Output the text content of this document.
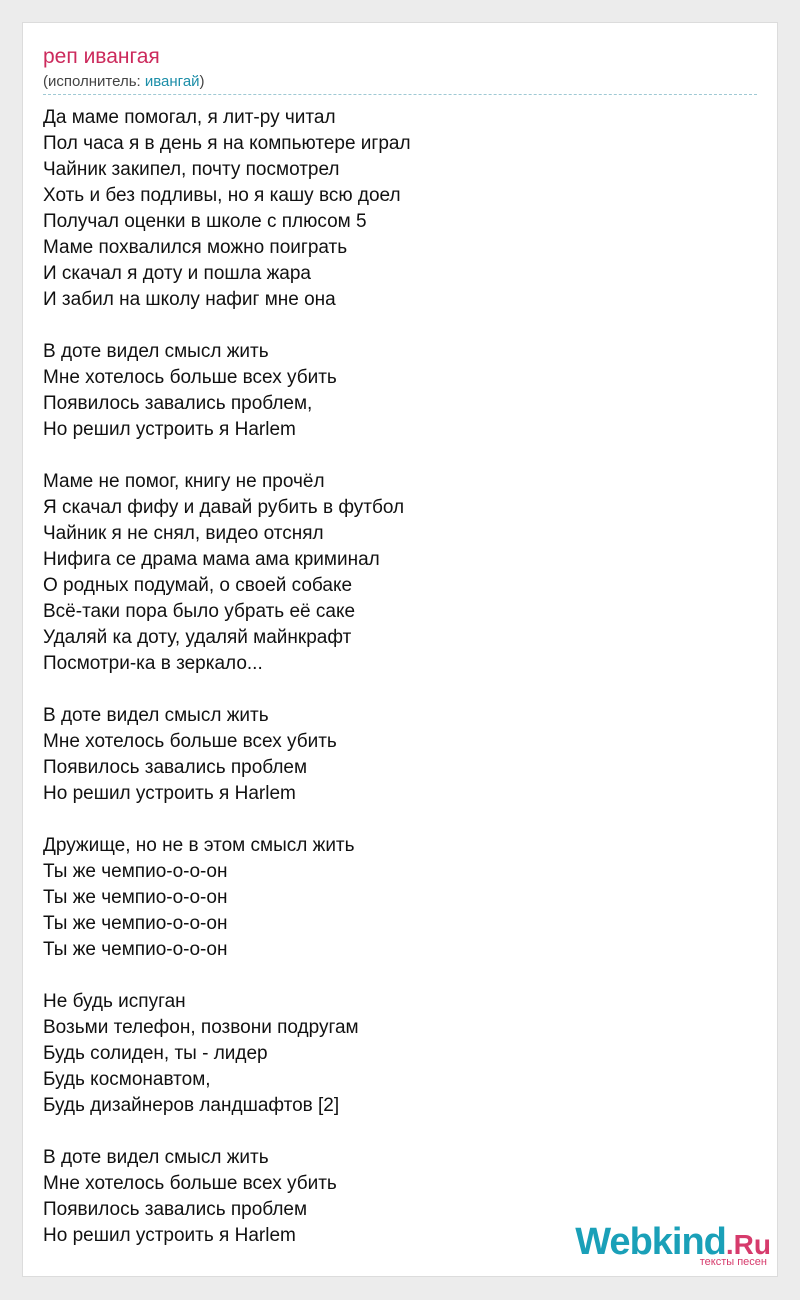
реп ивангая
(исполнитель: ивангай)
Да маме помогал, я лит-ру читал
Пол часа я в день я на компьютере играл
Чайник закипел, почту посмотрел
Хоть и без подливы, но я кашу всю доел
Получал оценки в школе с плюсом 5
Маме похвалился можно поиграть
И скачал я доту и пошла жара
И забил на школу нафиг мне она
В доте видел смысл жить
Мне хотелось больше всех убить
Появилось завались проблем,
Но решил устроить я Harlem
Маме не помог, книгу не прочёл
Я скачал фифу и давай рубить в футбол
Чайник я не снял, видео отснял
Нифига се драма мама ама криминал
О родных подумай, о своей собаке
Всё-таки пора было убрать её саке
Удаляй ка доту, удаляй майнкрафт
Посмотри-ка в зеркало...
В доте видел смысл жить
Мне хотелось больше всех убить
Появилось завались проблем
Но решил устроить я Harlem
Дружище, но не в этом смысл жить
Ты же чемпио-о-о-он
Ты же чемпио-о-о-он
Ты же чемпио-о-о-он
Ты же чемпио-о-о-он
Не будь испуган
Возьми телефон, позвони подругам
Будь солиден, ты - лидер
Будь космонавтом,
Будь дизайнеров ландшафтов [2]
В доте видел смысл жить
Мне хотелось больше всех убить
Появилось завались проблем
Но решил устроить я Harlem	Webkind.Ru
тексты песен
